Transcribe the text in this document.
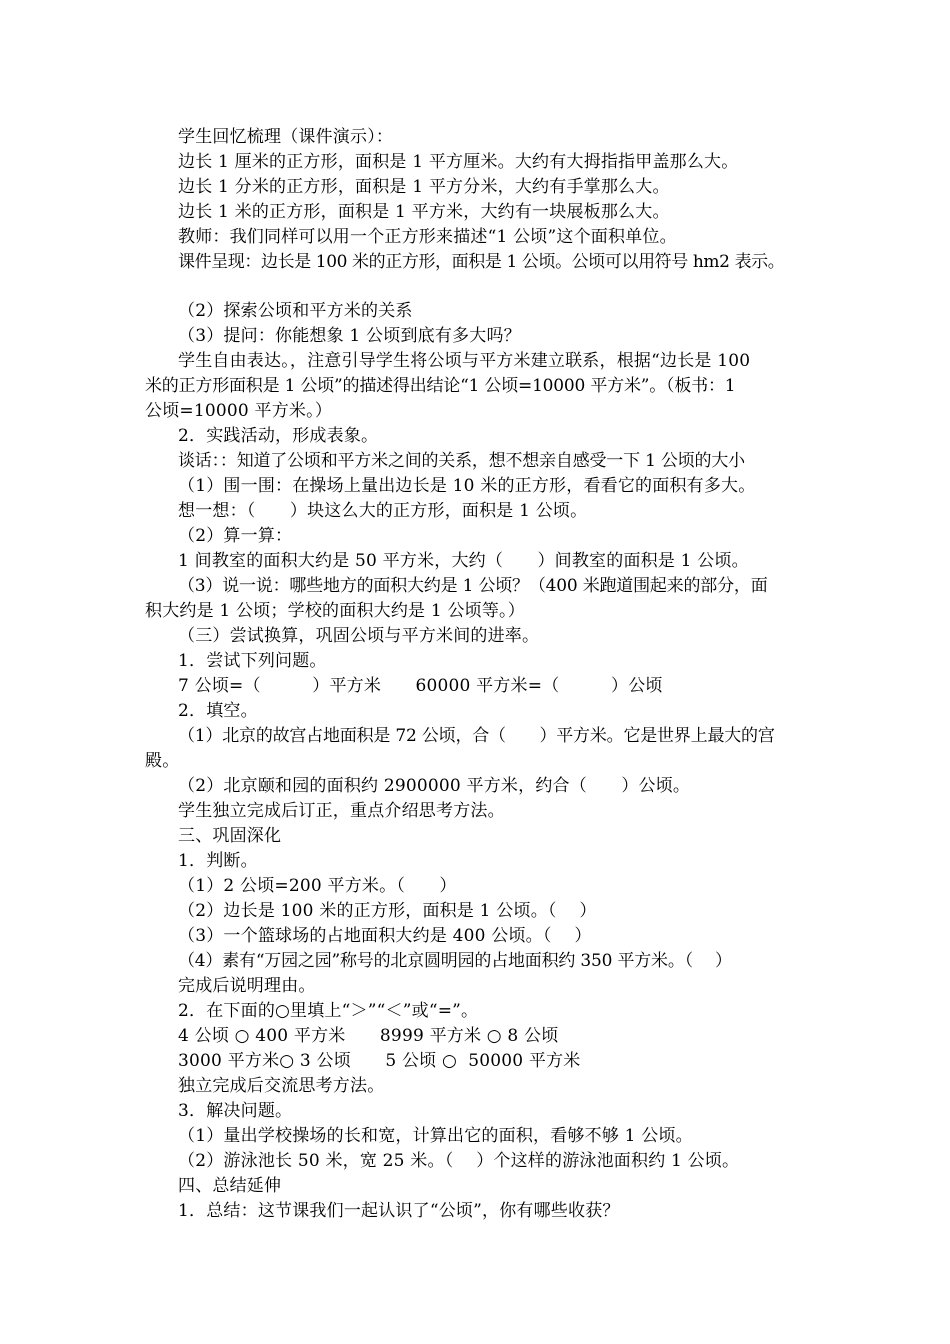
学生回忆梳理（课件演示）：
边长 1 厘米的正方形，面积是 1 平方厘米。大约有大拇指指甲盖那么大。
边长 1 分米的正方形，面积是 1 平方分米，大约有手掌那么大。
边长 1 米的正方形，面积是 1 平方米，大约有一块展板那么大。
教师：我们同样可以用一个正方形来描述“1 公顷”这个面积单位。
课件呈现：边长是 100 米的正方形，面积是 1 公顷。公顷可以用符号 hm2 表示。
（2）探索公顷和平方米的关系
（3）提问：你能想象 1 公顷到底有多大吗？
学生自由表达。，注意引导学生将公顷与平方米建立联系，根据“边长是 100
米的正方形面积是 1 公顷”的描述得出结论“1 公顷=10000 平方米”。（板书：1
公顷=10000 平方米。）
2．实践活动，形成表象。
谈话：：知道了公顷和平方米之间的关系，想不想亲自感受一下 1 公顷的大小
（1）围一围：在操场上量出边长是 10 米的正方形，看看它的面积有多大。
想一想：（　　）块这么大的正方形，面积是 1 公顷。
（2）算一算：
1 间教室的面积大约是 50 平方米，大约（　　）间教室的面积是 1 公顷。
（3）说一说：哪些地方的面积大约是 1 公顷？（400 米跑道围起来的部分，面
积大约是 1 公顷；学校的面积大约是 1 公顷等。）
（三）尝试换算，巩固公顷与平方米间的进率。
1．尝试下列问题。
7 公顷=（　　　）平方米　　60000 平方米=（　　　）公顷
2．填空。
（1）北京的故宫占地面积是 72 公顷，合（　　）平方米。它是世界上最大的宫
殿。
（2）北京颐和园的面积约 2900000 平方米，约合（　　）公顷。
学生独立完成后订正，重点介绍思考方法。
三、巩固深化
1．判断。
（1）2 公顷=200 平方米。（　　）
（2）边长是 100 米的正方形，面积是 1 公顷。（　 ）
（3）一个篮球场的占地面积大约是 400 公顷。（　 ）
（4）素有“万园之园”称号的北京圆明园的占地面积约 350 平方米。（　 ）
完成后说明理由。
2．在下面的○里填上“＞”“＜”或“=”。
4 公顷 ○ 400 平方米　　8999 平方米 ○ 8 公顷
3000 平方米○ 3 公顷　　5 公顷 ○  50000 平方米
独立完成后交流思考方法。
3．解决问题。
（1）量出学校操场的长和宽，计算出它的面积，看够不够 1 公顷。
（2）游泳池长 50 米，宽 25 米。（　 ）个这样的游泳池面积约 1 公顷。
四、总结延伸
1．总结：这节课我们一起认识了“公顷”，你有哪些收获？
